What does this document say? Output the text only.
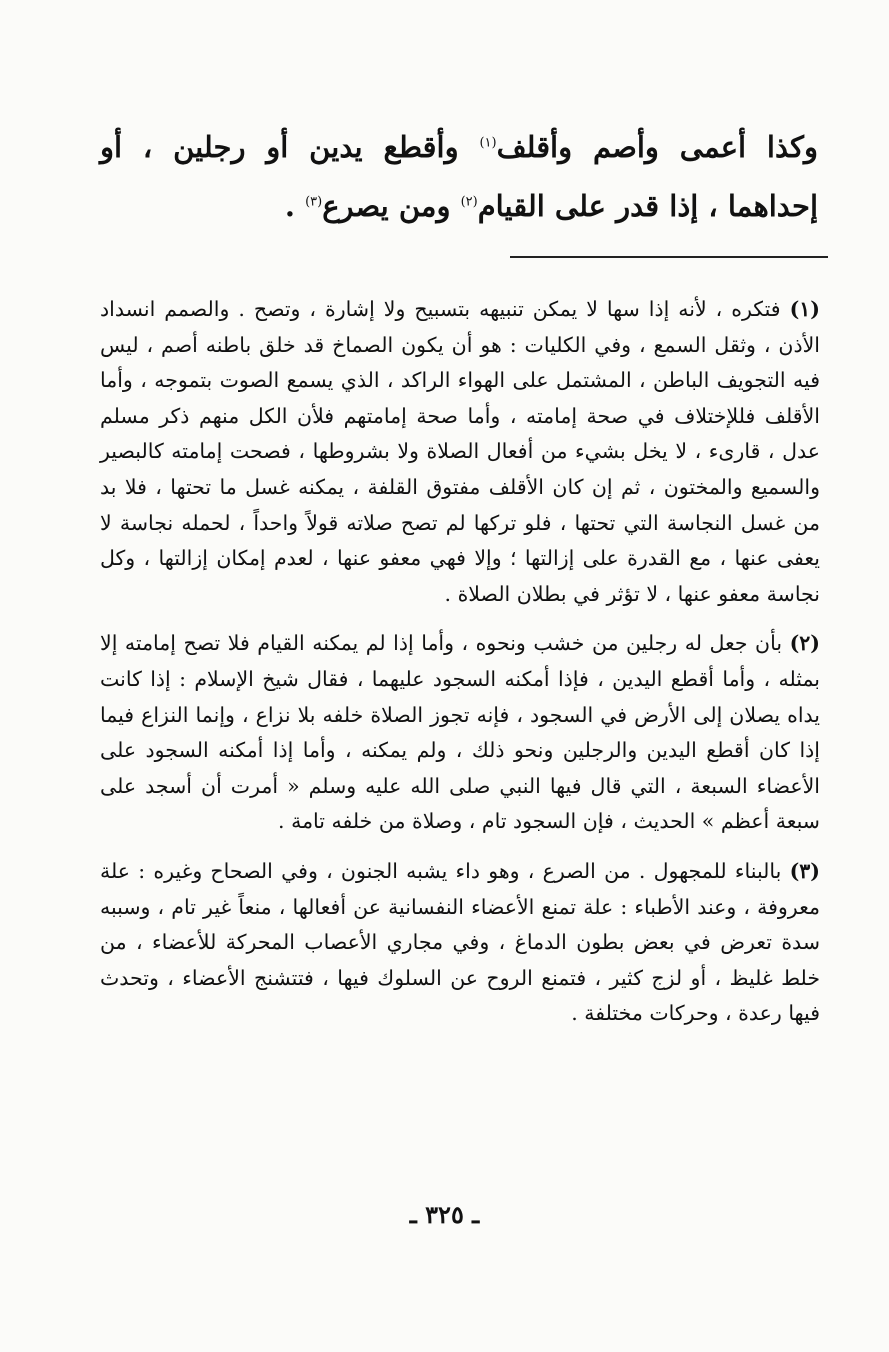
وكذا أعمى وأصم وأقلف$^{(١)}$ وأقطع يدين أو رجلين ، أو إحداهما ، إذا قدر على القيام$^{(٢)}$ ومن يصرع$^{(٣)}$ .

(١) فتكره ، لأنه إذا سها لا يمكن تنبيهه بتسبيح ولا إشارة ، وتصح . والصمم انسداد الأذن ، وثقل السمع ، وفي الكليات : هو أن يكون الصماخ قد خلق باطنه أصم ، ليس فيه التجويف الباطن ، المشتمل على الهواء الراكد ، الذي يسمع الصوت بتموجه ، وأما الأقلف فللإختلاف في صحة إمامته ، وأما صحة إمامتهم فلأن الكل منهم ذكر مسلم عدل ، قارىء ، لا يخل بشيء من أفعال الصلاة ولا بشروطها ، فصحت إمامته كالبصير والسميع والمختون ، ثم إن كان الأقلف مفتوق القلفة ، يمكنه غسل ما تحتها ، فلا بد من غسل النجاسة التي تحتها ، فلو تركها لم تصح صلاته قولاً واحداً ، لحمله نجاسة لا يعفى عنها ، مع القدرة على إزالتها ؛ وإلا فهي معفو عنها ، لعدم إمكان إزالتها ، وكل نجاسة معفو عنها ، لا تؤثر في بطلان الصلاة .

(٢) بأن جعل له رجلين من خشب ونحوه ، وأما إذا لم يمكنه القيام فلا تصح إمامته إلا بمثله ، وأما أقطع اليدين ، فإذا أمكنه السجود عليهما ، فقال شيخ الإسلام : إذا كانت يداه يصلان إلى الأرض في السجود ، فإنه تجوز الصلاة خلفه بلا نزاع ، وإنما النزاع فيما إذا كان أقطع اليدين والرجلين ونحو ذلك ، ولم يمكنه ، وأما إذا أمكنه السجود على الأعضاء السبعة ، التي قال فيها النبي صلى الله عليه وسلم « أمرت أن أسجد على سبعة أعظم » الحديث ، فإن السجود تام ، وصلاة من خلفه تامة .

(٣) بالبناء للمجهول . من الصرع ، وهو داء يشبه الجنون ، وفي الصحاح وغيره : علة معروفة ، وعند الأطباء : علة تمنع الأعضاء النفسانية عن أفعالها ، منعاً غير تام ، وسببه سدة تعرض في بعض بطون الدماغ ، وفي مجاري الأعصاب المحركة للأعضاء ، من خلط غليظ ، أو لزج كثير ، فتمنع الروح عن السلوك فيها ، فتتشنج الأعضاء ، وتحدث فيها رعدة ، وحركات مختلفة .

ـ ٣٢٥ ـ
